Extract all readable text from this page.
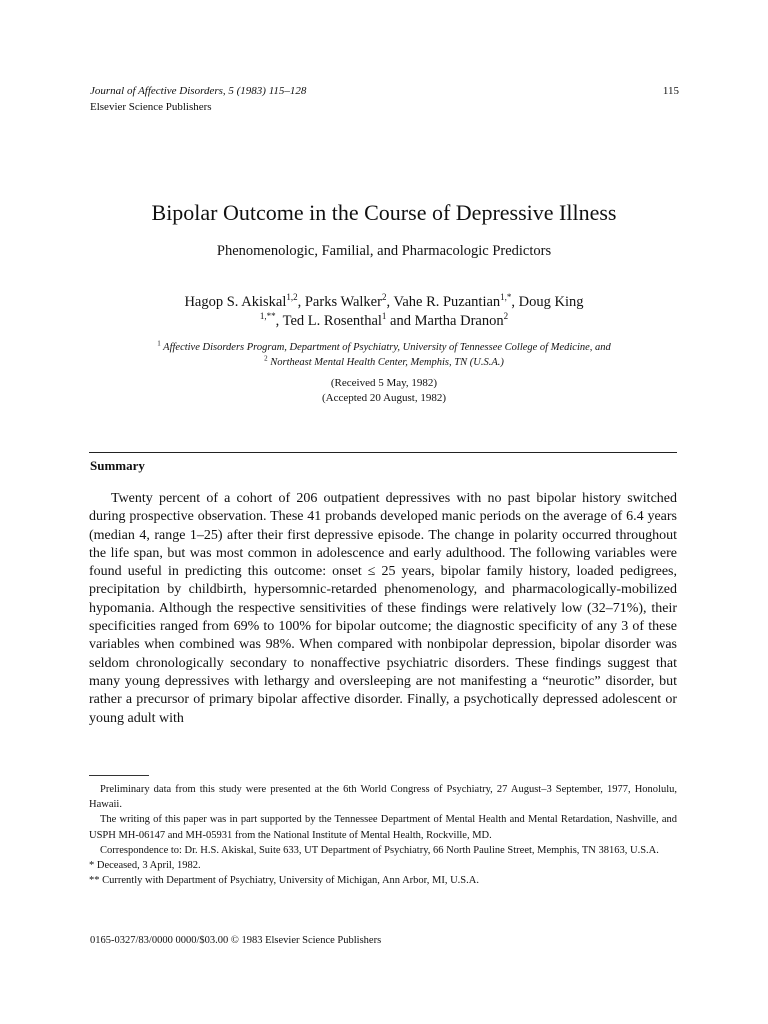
Journal of Affective Disorders, 5 (1983) 115–128
Elsevier Science Publishers
115
Bipolar Outcome in the Course of Depressive Illness
Phenomenologic, Familial, and Pharmacologic Predictors
Hagop S. Akiskal$^{1,2}$, Parks Walker$^2$, Vahe R. Puzantian$^{1,*}$, Doug King
$^{1,**}$, Ted L. Rosenthal$^1$ and Martha Dranon$^2$
$^1$ Affective Disorders Program, Department of Psychiatry, University of Tennessee College of Medicine, and
$^2$ Northeast Mental Health Center, Memphis, TN (U.S.A.)
(Received 5 May, 1982)
(Accepted 20 August, 1982)
Summary

Twenty percent of a cohort of 206 outpatient depressives with no past bipolar history switched during prospective observation. These 41 probands developed manic periods on the average of 6.4 years (median 4, range 1–25) after their first depressive episode. The change in polarity occurred throughout the life span, but was most common in adolescence and early adulthood. The following variables were found useful in predicting this outcome: onset ≤ 25 years, bipolar family history, loaded pedigrees, precipitation by childbirth, hypersomnic-retarded phenomenology, and pharmacologically-mobilized hypomania. Although the respective sensitivities of these findings were relatively low (32–71%), their specificities ranged from 69% to 100% for bipolar outcome; the diagnostic specificity of any 3 of these variables when combined was 98%. When compared with nonbipolar depression, bipolar disorder was seldom chronologically secondary to nonaffective psychiatric disorders. These findings suggest that many young depressives with lethargy and oversleeping are not manifesting a “neurotic” disorder, but rather a precursor of primary bipolar affective disorder. Finally, a psychotically depressed adolescent or young adult with

Preliminary data from this study were presented at the 6th World Congress of Psychiatry, 27 August–3 September, 1977, Honolulu, Hawaii.

The writing of this paper was in part supported by the Tennessee Department of Mental Health and Mental Retardation, Nashville, and USPH MH-06147 and MH-05931 from the National Institute of Mental Health, Rockville, MD.

Correspondence to: Dr. H.S. Akiskal, Suite 633, UT Department of Psychiatry, 66 North Pauline Street, Memphis, TN 38163, U.S.A.

* Deceased, 3 April, 1982.

** Currently with Department of Psychiatry, University of Michigan, Ann Arbor, MI, U.S.A.

0165-0327/83/0000 0000/$03.00 © 1983 Elsevier Science Publishers
